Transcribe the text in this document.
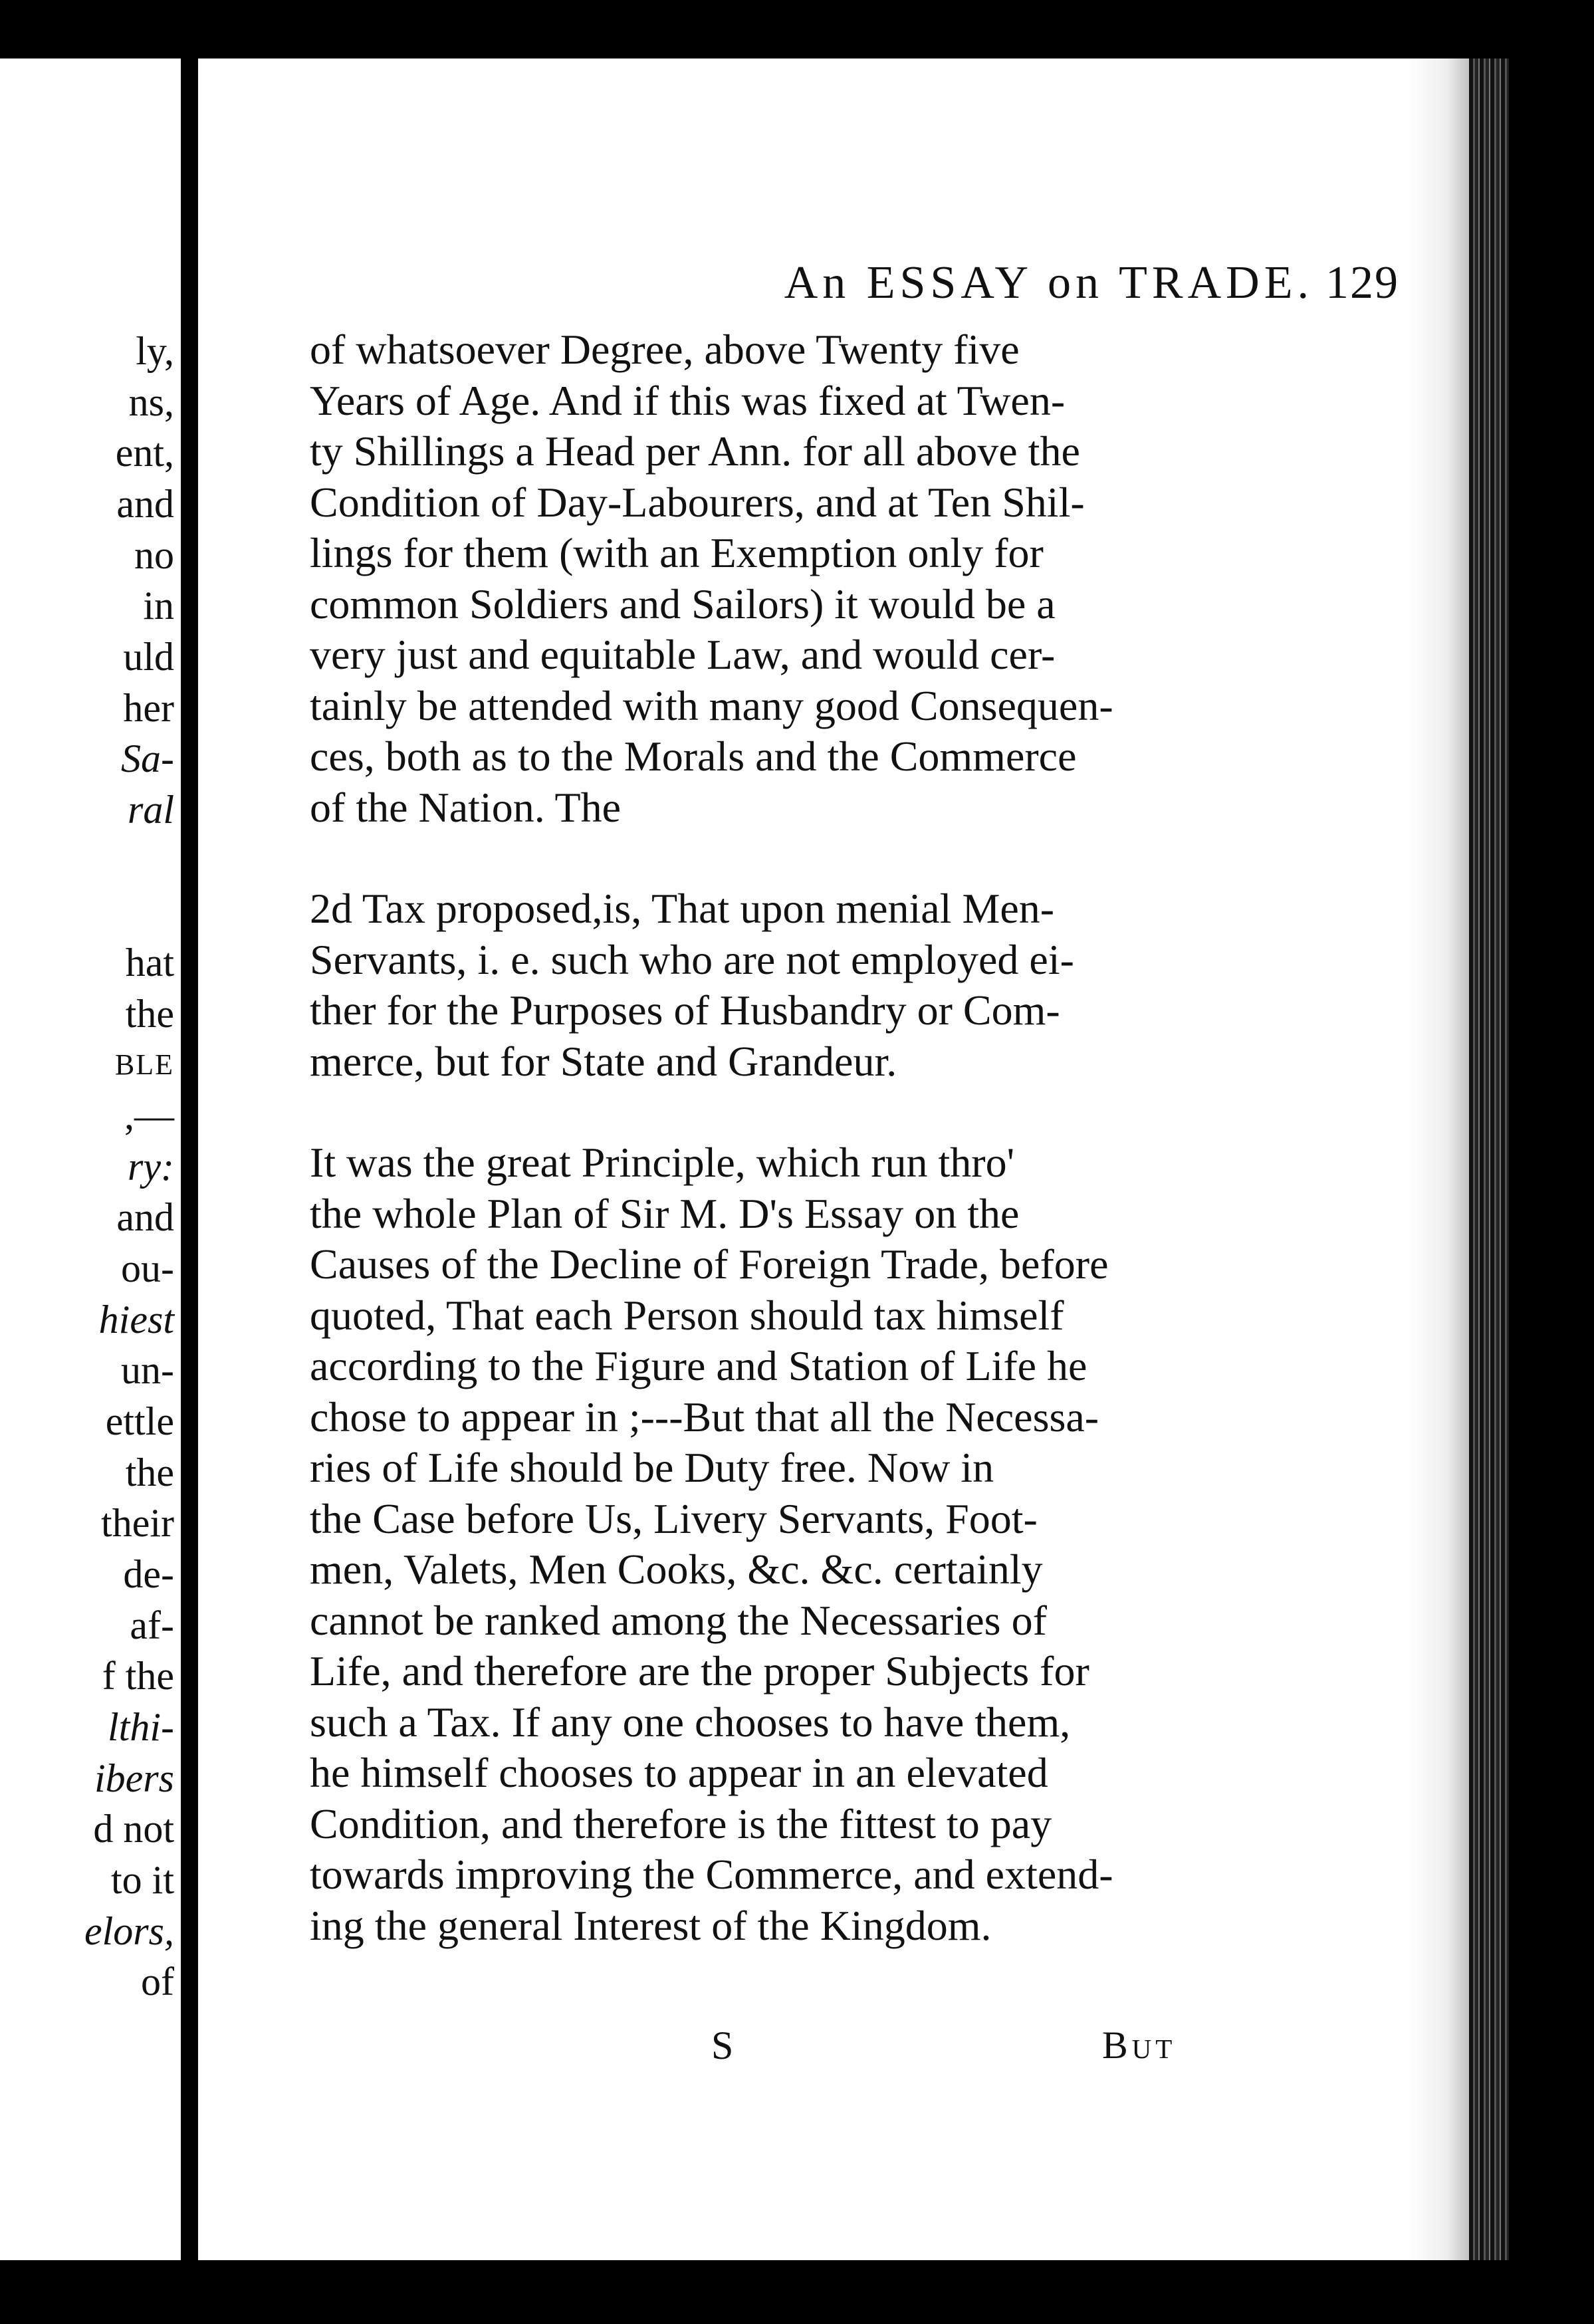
ly,
ns,
ent,
and
no
in
uld
her
Sa-
ral
hat
the
BLE
,—
ry:
and
ou-
hiest
un-
ettle
the
their
de-
af-
f the
lthi-
ibers
d not
to it
elors,
of
An ESSAY on TRADE. 129

of whatsoever Degree, above Twenty five
Years of Age. And if this was fixed at Twen-
ty Shillings a Head per Ann. for all above the
Condition of Day-Labourers, and at Ten Shil-
lings for them (with an Exemption only for
common Soldiers and Sailors) it would be a
very just and equitable Law, and would cer-
tainly be attended with many good Consequen-
ces, both as to the Morals and the Commerce
of the Nation. The

2d Tax proposed,is, That upon menial Men-
Servants, i. e. such who are not employed ei-
ther for the Purposes of Husbandry or Com-
merce, but for State and Grandeur.

It was the great Principle, which run thro'
the whole Plan of Sir M. D's Essay on the
Causes of the Decline of Foreign Trade, before
quoted, That each Person should tax himself
according to the Figure and Station of Life he
chose to appear in ;---But that all the Necessa-
ries of Life should be Duty free. Now in
the Case before Us, Livery Servants, Foot-
men, Valets, Men Cooks, &c. &c. certainly
cannot be ranked among the Necessaries of
Life, and therefore are the proper Subjects for
such a Tax. If any one chooses to have them,
he himself chooses to appear in an elevated
Condition, and therefore is the fittest to pay
towards improving the Commerce, and extend-
ing the general Interest of the Kingdom.

S	But
